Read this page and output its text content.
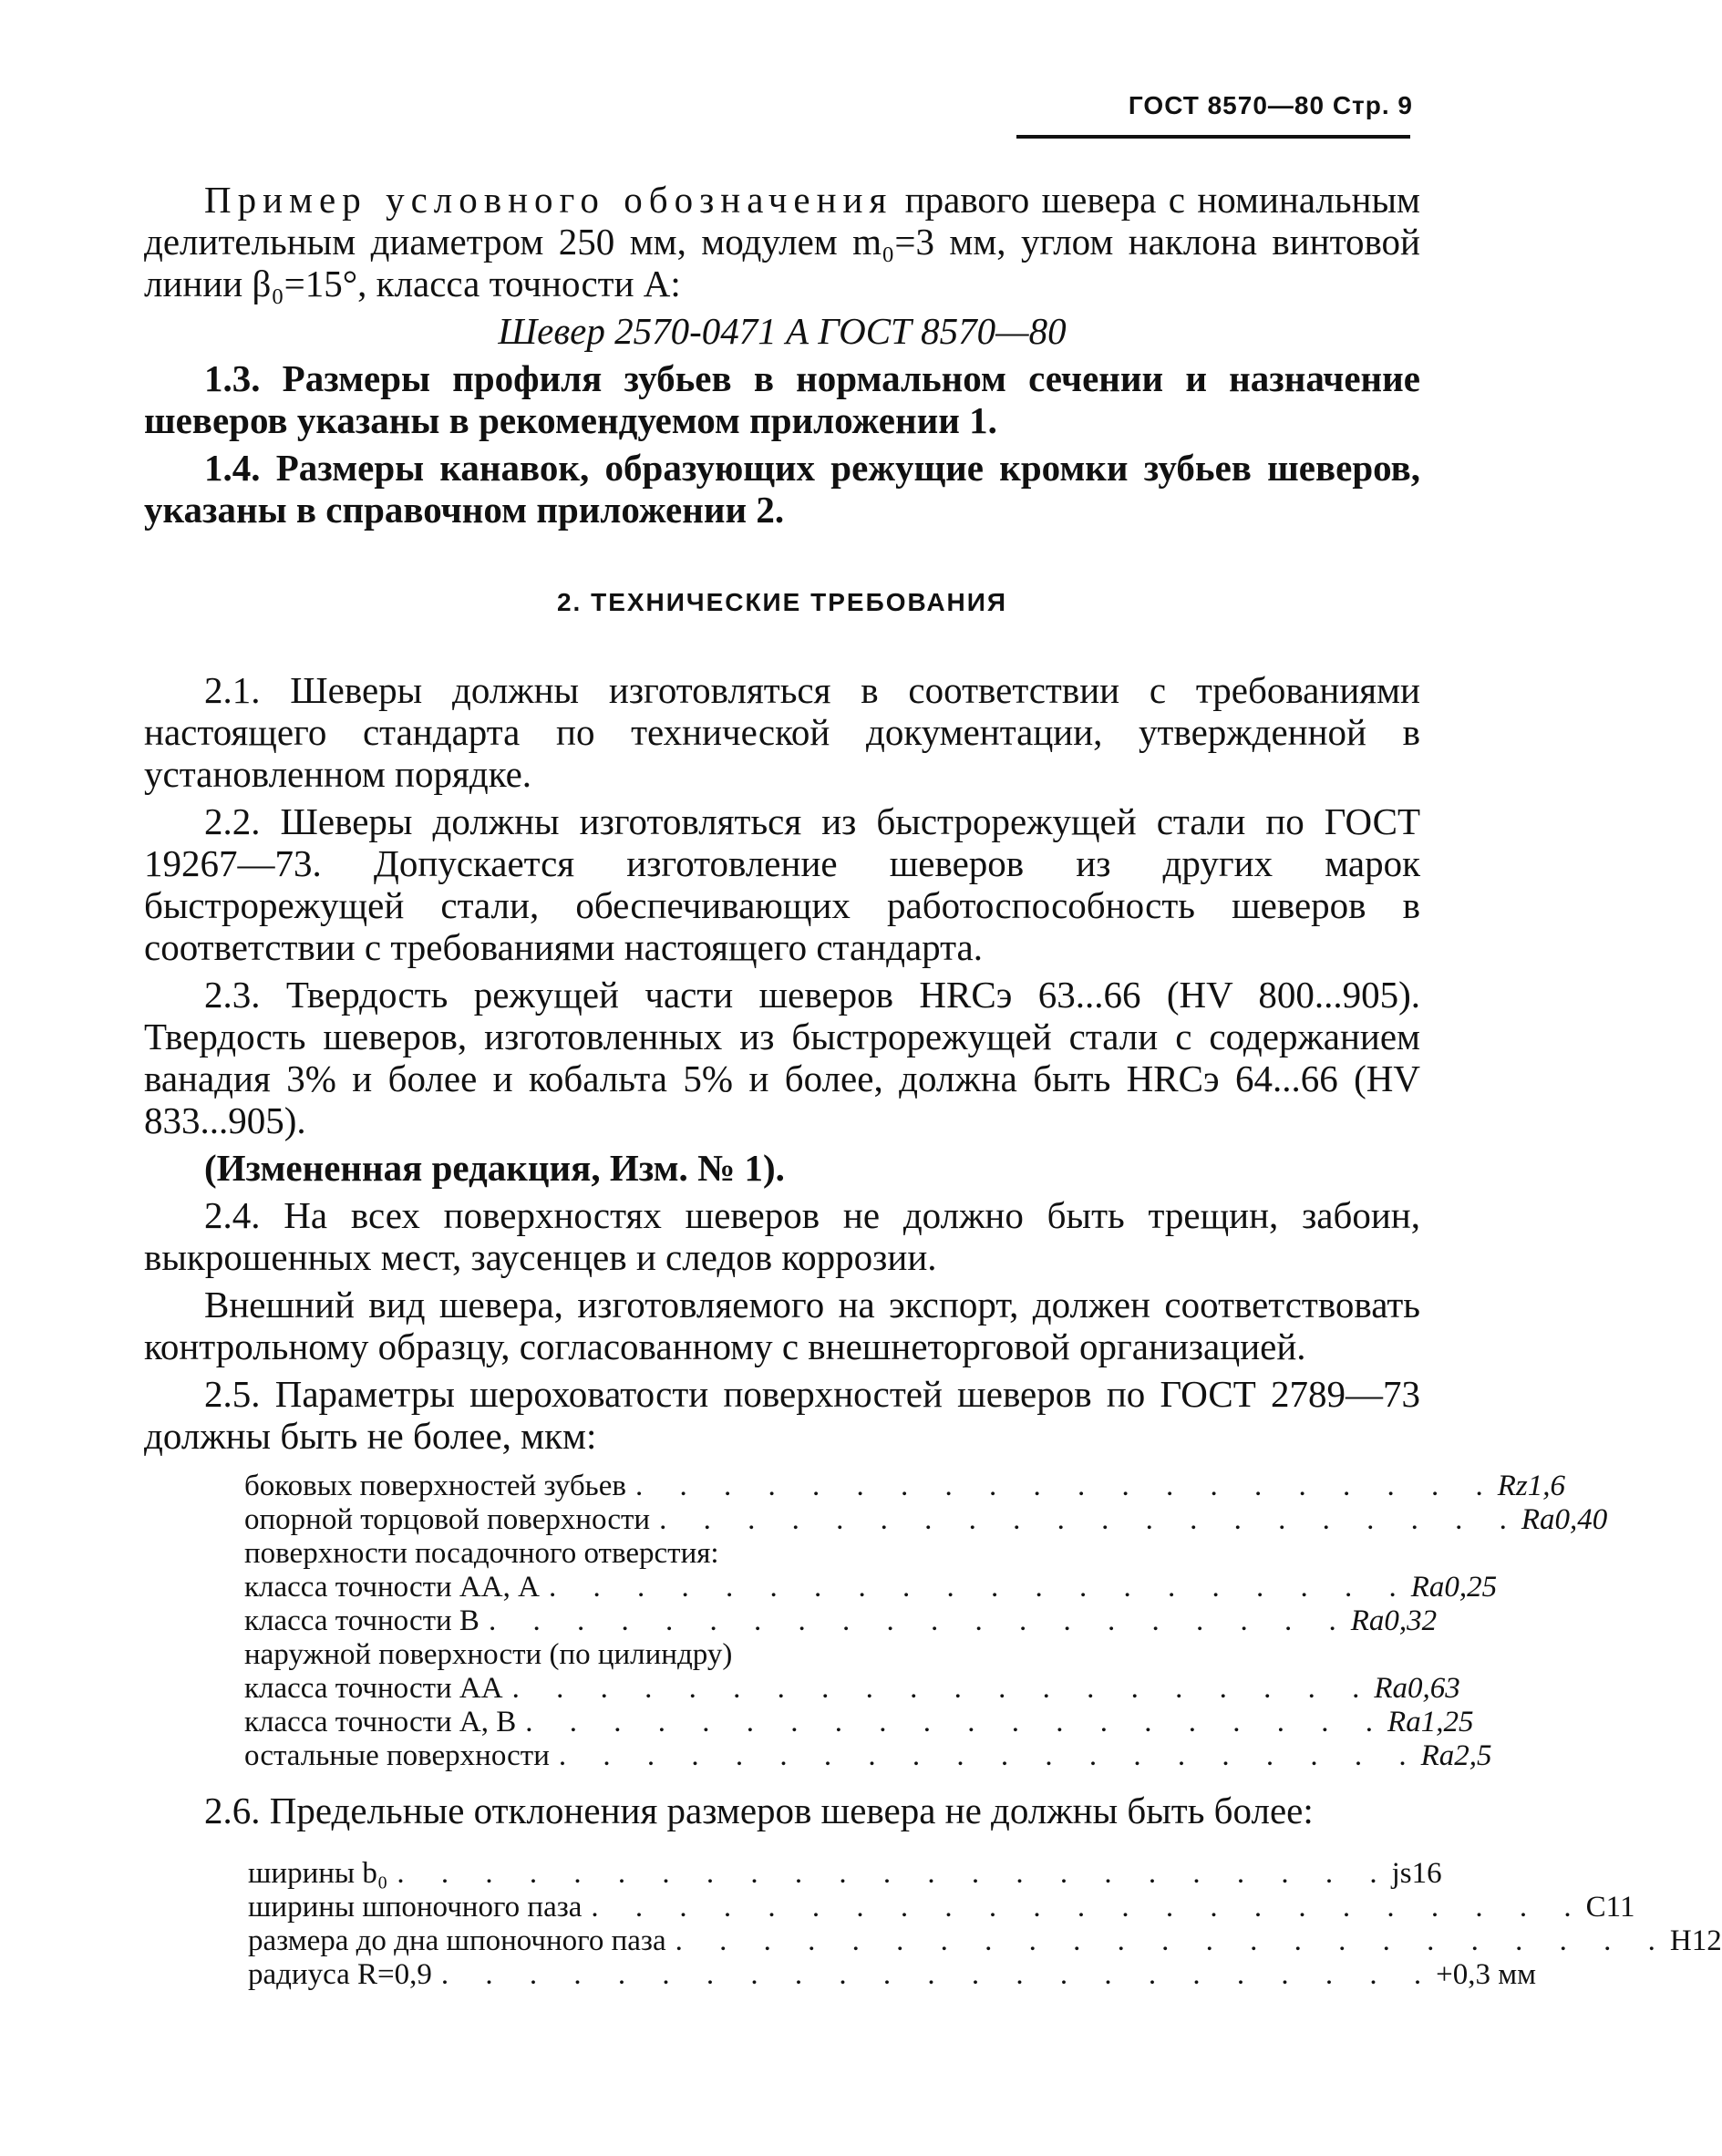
ГОСТ 8570—80 Стр. 9

Пример условного обозначения правого шевера с номинальным делительным диаметром 250 мм, модулем m₀=3 мм, углом наклона винтовой линии β₀=15°, класса точности А:

Шевер 2570-0471 А ГОСТ 8570—80

1.3. Размеры профиля зубьев в нормальном сечении и назначение шеверов указаны в рекомендуемом приложении 1.

1.4. Размеры канавок, образующих режущие кромки зубьев шеверов, указаны в справочном приложении 2.

2. ТЕХНИЧЕСКИЕ ТРЕБОВАНИЯ

2.1. Шеверы должны изготовляться в соответствии с требованиями настоящего стандарта по технической документации, утвержденной в установленном порядке.

2.2. Шеверы должны изготовляться из быстрорежущей стали по ГОСТ 19267—73. Допускается изготовление шеверов из других марок быстрорежущей стали, обеспечивающих работоспособность шеверов в соответствии с требованиями настоящего стандарта.

2.3. Твердость режущей части шеверов HRCэ 63...66 (HV 800...905). Твердость шеверов, изготовленных из быстрорежущей стали с содержанием ванадия 3% и более и кобальта 5% и более, должна быть HRCэ 64...66 (HV 833...905).

(Измененная редакция, Изм. № 1).

2.4. На всех поверхностях шеверов не должно быть трещин, забоин, выкрошенных мест, заусенцев и следов коррозии.

Внешний вид шевера, изготовляемого на экспорт, должен соответствовать контрольному образцу, согласованному с внешнеторговой организацией.

2.5. Параметры шероховатости поверхностей шеверов по ГОСТ 2789—73 должны быть не более, мкм:

боковых поверхностей зубьев . . . . . . . . . . . . . . . . . . . . Rz1,6
опорной торцовой поверхности . . . . . . . . . . . . . . . . . . . . Ra0,40
поверхности посадочного отверстия:
класса точности АА, А . . . . . . . . . . . . . . . . . . . . Ra0,25
класса точности В . . . . . . . . . . . . . . . . . . . . Ra0,32
наружной поверхности (по цилиндру)
класса точности АА . . . . . . . . . . . . . . . . . . . . Ra0,63
класса точности А, В . . . . . . . . . . . . . . . . . . . . Ra1,25
остальные поверхности . . . . . . . . . . . . . . . . . . . . Ra2,5

2.6. Предельные отклонения размеров шевера не должны быть более:

ширины b₀ . . . . . . . . . . . . . . . . . . . . . . . js16
ширины шпоночного паза . . . . . . . . . . . . . . . . . . . . . . . C11
размера до дна шпоночного паза . . . . . . . . . . . . . . . . . . . . . . . H12
радиуса R=0,9 . . . . . . . . . . . . . . . . . . . . . . . +0,3 мм
